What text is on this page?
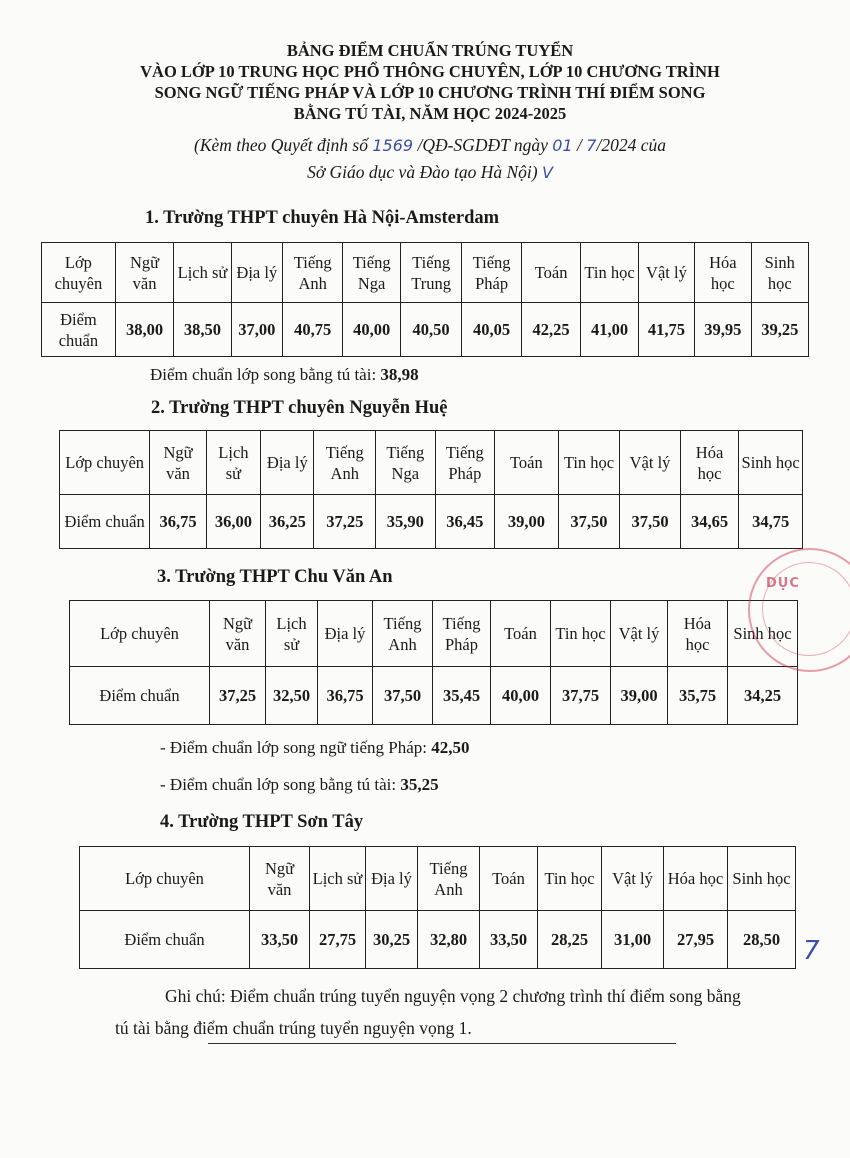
BẢNG ĐIỂM CHUẨN TRÚNG TUYỂN
VÀO LỚP 10 TRUNG HỌC PHỔ THÔNG CHUYÊN, LỚP 10 CHƯƠNG TRÌNH
SONG NGỮ TIẾNG PHÁP VÀ LỚP 10 CHƯƠNG TRÌNH THÍ ĐIỂM SONG
BẰNG TÚ TÀI, NĂM HỌC 2024-2025
(Kèm theo Quyết định số 1569 /QĐ-SGDĐT ngày 01 / 7/2024 của
Sở Giáo dục và Đào tạo Hà Nội) V
1. Trường THPT chuyên Hà Nội-Amsterdam
Lớp chuyên	Ngữ văn	Lịch sử	Địa lý	Tiếng Anh	Tiếng Nga	Tiếng Trung	Tiếng Pháp	Toán	Tin học	Vật lý	Hóa học	Sinh học
Điểm chuẩn	38,00	38,50	37,00	40,75	40,00	40,50	40,05	42,25	41,00	41,75	39,95	39,25
Điểm chuẩn lớp song bằng tú tài: 38,98
2. Trường THPT chuyên Nguyễn Huệ
Lớp chuyên	Ngữ văn	Lịch sử	Địa lý	Tiếng Anh	Tiếng Nga	Tiếng Pháp	Toán	Tin học	Vật lý	Hóa học	Sinh học
Điểm chuẩn	36,75	36,00	36,25	37,25	35,90	36,45	39,00	37,50	37,50	34,65	34,75
3. Trường THPT Chu Văn An
Lớp chuyên	Ngữ văn	Lịch sử	Địa lý	Tiếng Anh	Tiếng Pháp	Toán	Tin học	Vật lý	Hóa học	Sinh học
Điểm chuẩn	37,25	32,50	36,75	37,50	35,45	40,00	37,75	39,00	35,75	34,25
DỤC
- Điểm chuẩn lớp song ngữ tiếng Pháp: 42,50
- Điểm chuẩn lớp song bằng tú tài: 35,25
4. Trường THPT Sơn Tây
Lớp chuyên	Ngữ văn	Lịch sử	Địa lý	Tiếng Anh	Toán	Tin học	Vật lý	Hóa học	Sinh học
Điểm chuẩn	33,50	27,75	30,25	32,80	33,50	28,25	31,00	27,95	28,50 7
Ghi chú: Điểm chuẩn trúng tuyển nguyện vọng 2 chương trình thí điểm song bằng tú tài bằng điểm chuẩn trúng tuyển nguyện vọng 1.
